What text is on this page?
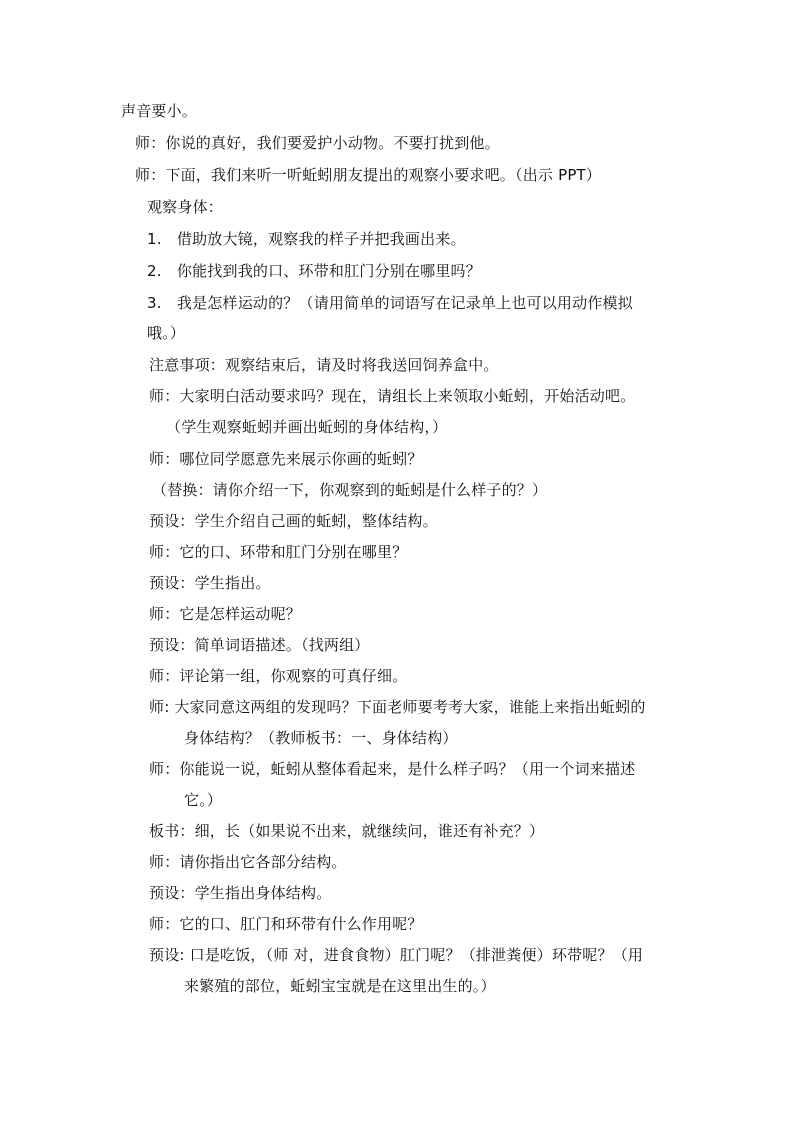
声音要小。
师：你说的真好，我们要爱护小动物。不要打扰到他。
师：下面，我们来听一听蚯蚓朋友提出的观察小要求吧。（出示 PPT）
观察身体：
1.　借助放大镜，观察我的样子并把我画出来。
2.　你能找到我的口、环带和肛门分别在哪里吗？
3.　我是怎样运动的？（请用简单的词语写在记录单上也可以用动作模拟
哦。）
注意事项：观察结束后，请及时将我送回饲养盒中。
师：大家明白活动要求吗？现在，请组长上来领取小蚯蚓，开始活动吧。
（学生观察蚯蚓并画出蚯蚓的身体结构，）
师：哪位同学愿意先来展示你画的蚯蚓？
（替换：请你介绍一下，你观察到的蚯蚓是什么样子的？）
预设：学生介绍自己画的蚯蚓，整体结构。
师：它的口、环带和肛门分别在哪里？
预设：学生指出。
师：它是怎样运动呢？
预设：简单词语描述。（找两组）
师：评论第一组，你观察的可真仔细。
师: 大家同意这两组的发现吗？下面老师要考考大家，谁能上来指出蚯蚓的
身体结构？（教师板书：一、身体结构）
师：你能说一说，蚯蚓从整体看起来，是什么样子吗？（用一个词来描述
它。）
板书：细，长（如果说不出来，就继续问，谁还有补充？）
师：请你指出它各部分结构。
预设：学生指出身体结构。
师：它的口、肛门和环带有什么作用呢？
预设: 口是吃饭，（师 对，进食食物）肛门呢？（排泄粪便）环带呢？（用
来繁殖的部位，蚯蚓宝宝就是在这里出生的。）
